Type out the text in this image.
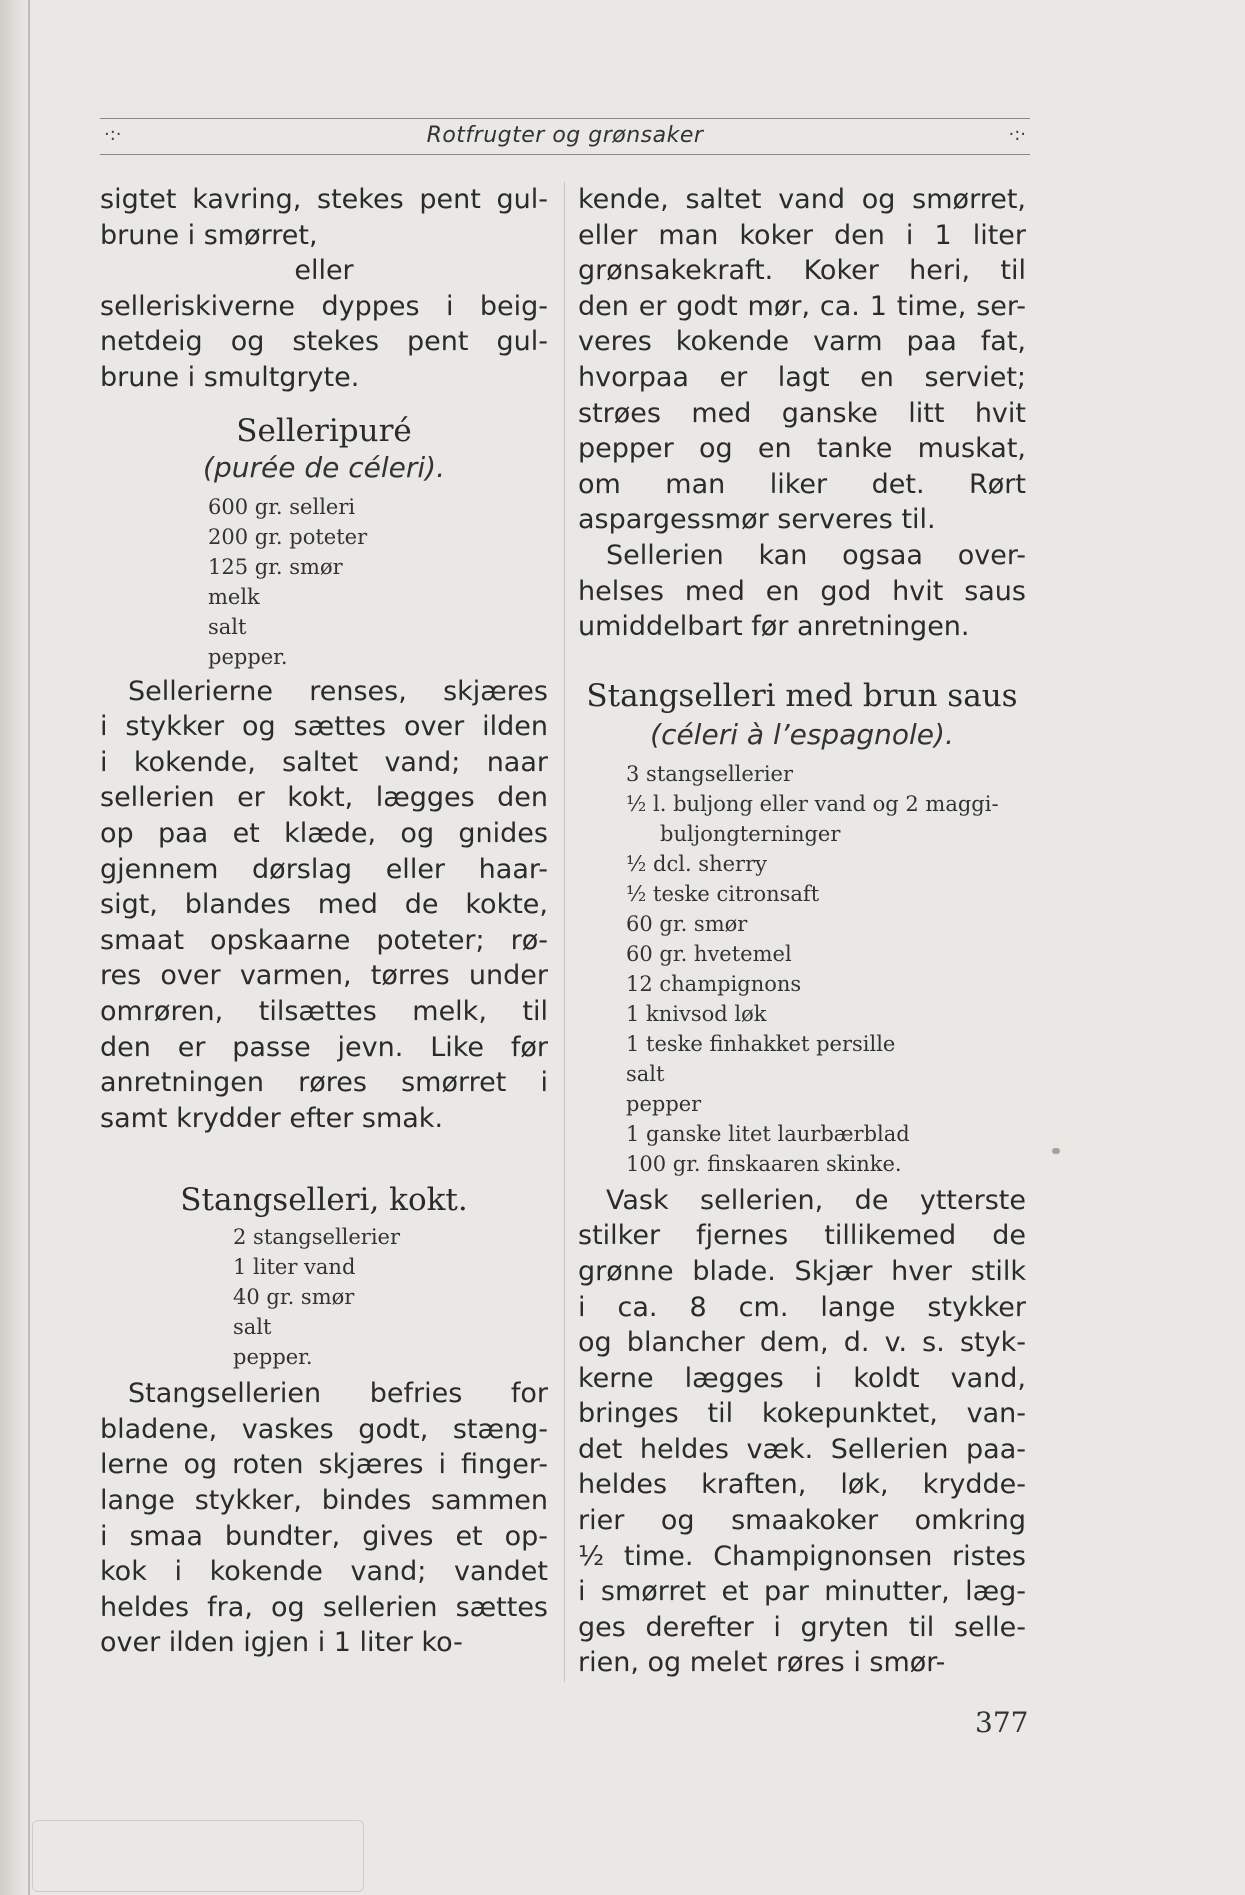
·:·	Rotfrugter og grønsaker	·:·
sigtet kavring, stekes pent gul-
brune i smørret,
eller
selleriskiverne dyppes i beig-
netdeig og stekes pent gul-
brune i smultgryte.
Selleripuré
(purée de céleri).
600 gr. selleri
200 gr. poteter
125 gr. smør
melk
salt
pepper.
Sellerierne renses, skjæres
i stykker og sættes over ilden
i kokende, saltet vand; naar
sellerien er kokt, lægges den
op paa et klæde, og gnides
gjennem dørslag eller haar-
sigt, blandes med de kokte,
smaat opskaarne poteter; rø-
res over varmen, tørres under
omrøren, tilsættes melk, til
den er passe jevn. Like før
anretningen røres smørret i
samt krydder efter smak.
Stangselleri, kokt.
2 stangsellerier
1 liter vand
40 gr. smør
salt
pepper.
Stangsellerien befries for
bladene, vaskes godt, stæng-
lerne og roten skjæres i finger-
lange stykker, bindes sammen
i smaa bundter, gives et op-
kok i kokende vand; vandet
heldes fra, og sellerien sættes
over ilden igjen i 1 liter ko-
kende, saltet vand og smørret,
eller man koker den i 1 liter
grønsakekraft. Koker heri, til
den er godt mør, ca. 1 time, ser-
veres kokende varm paa fat,
hvorpaa er lagt en serviet;
strøes med ganske litt hvit
pepper og en tanke muskat,
om man liker det. Rørt
aspargessmør serveres til.
Sellerien kan ogsaa over-
helses med en god hvit saus
umiddelbart før anretningen.
Stangselleri med brun saus
(céleri à l’espagnole).
3 stangsellerier
½ l. buljong eller vand og 2 maggi-
buljongterninger
½ dcl. sherry
½ teske citronsaft
60 gr. smør
60 gr. hvetemel
12 champignons
1 knivsod løk
1 teske finhakket persille
salt
pepper
1 ganske litet laurbærblad
100 gr. finskaaren skinke.
Vask sellerien, de ytterste
stilker fjernes tillikemed de
grønne blade. Skjær hver stilk
i ca. 8 cm. lange stykker
og blancher dem, d. v. s. styk-
kerne lægges i koldt vand,
bringes til kokepunktet, van-
det heldes væk. Sellerien paa-
heldes kraften, løk, krydde-
rier og smaakoker omkring
½ time. Champignonsen ristes
i smørret et par minutter, læg-
ges derefter i gryten til selle-
rien, og melet røres i smør-
377
